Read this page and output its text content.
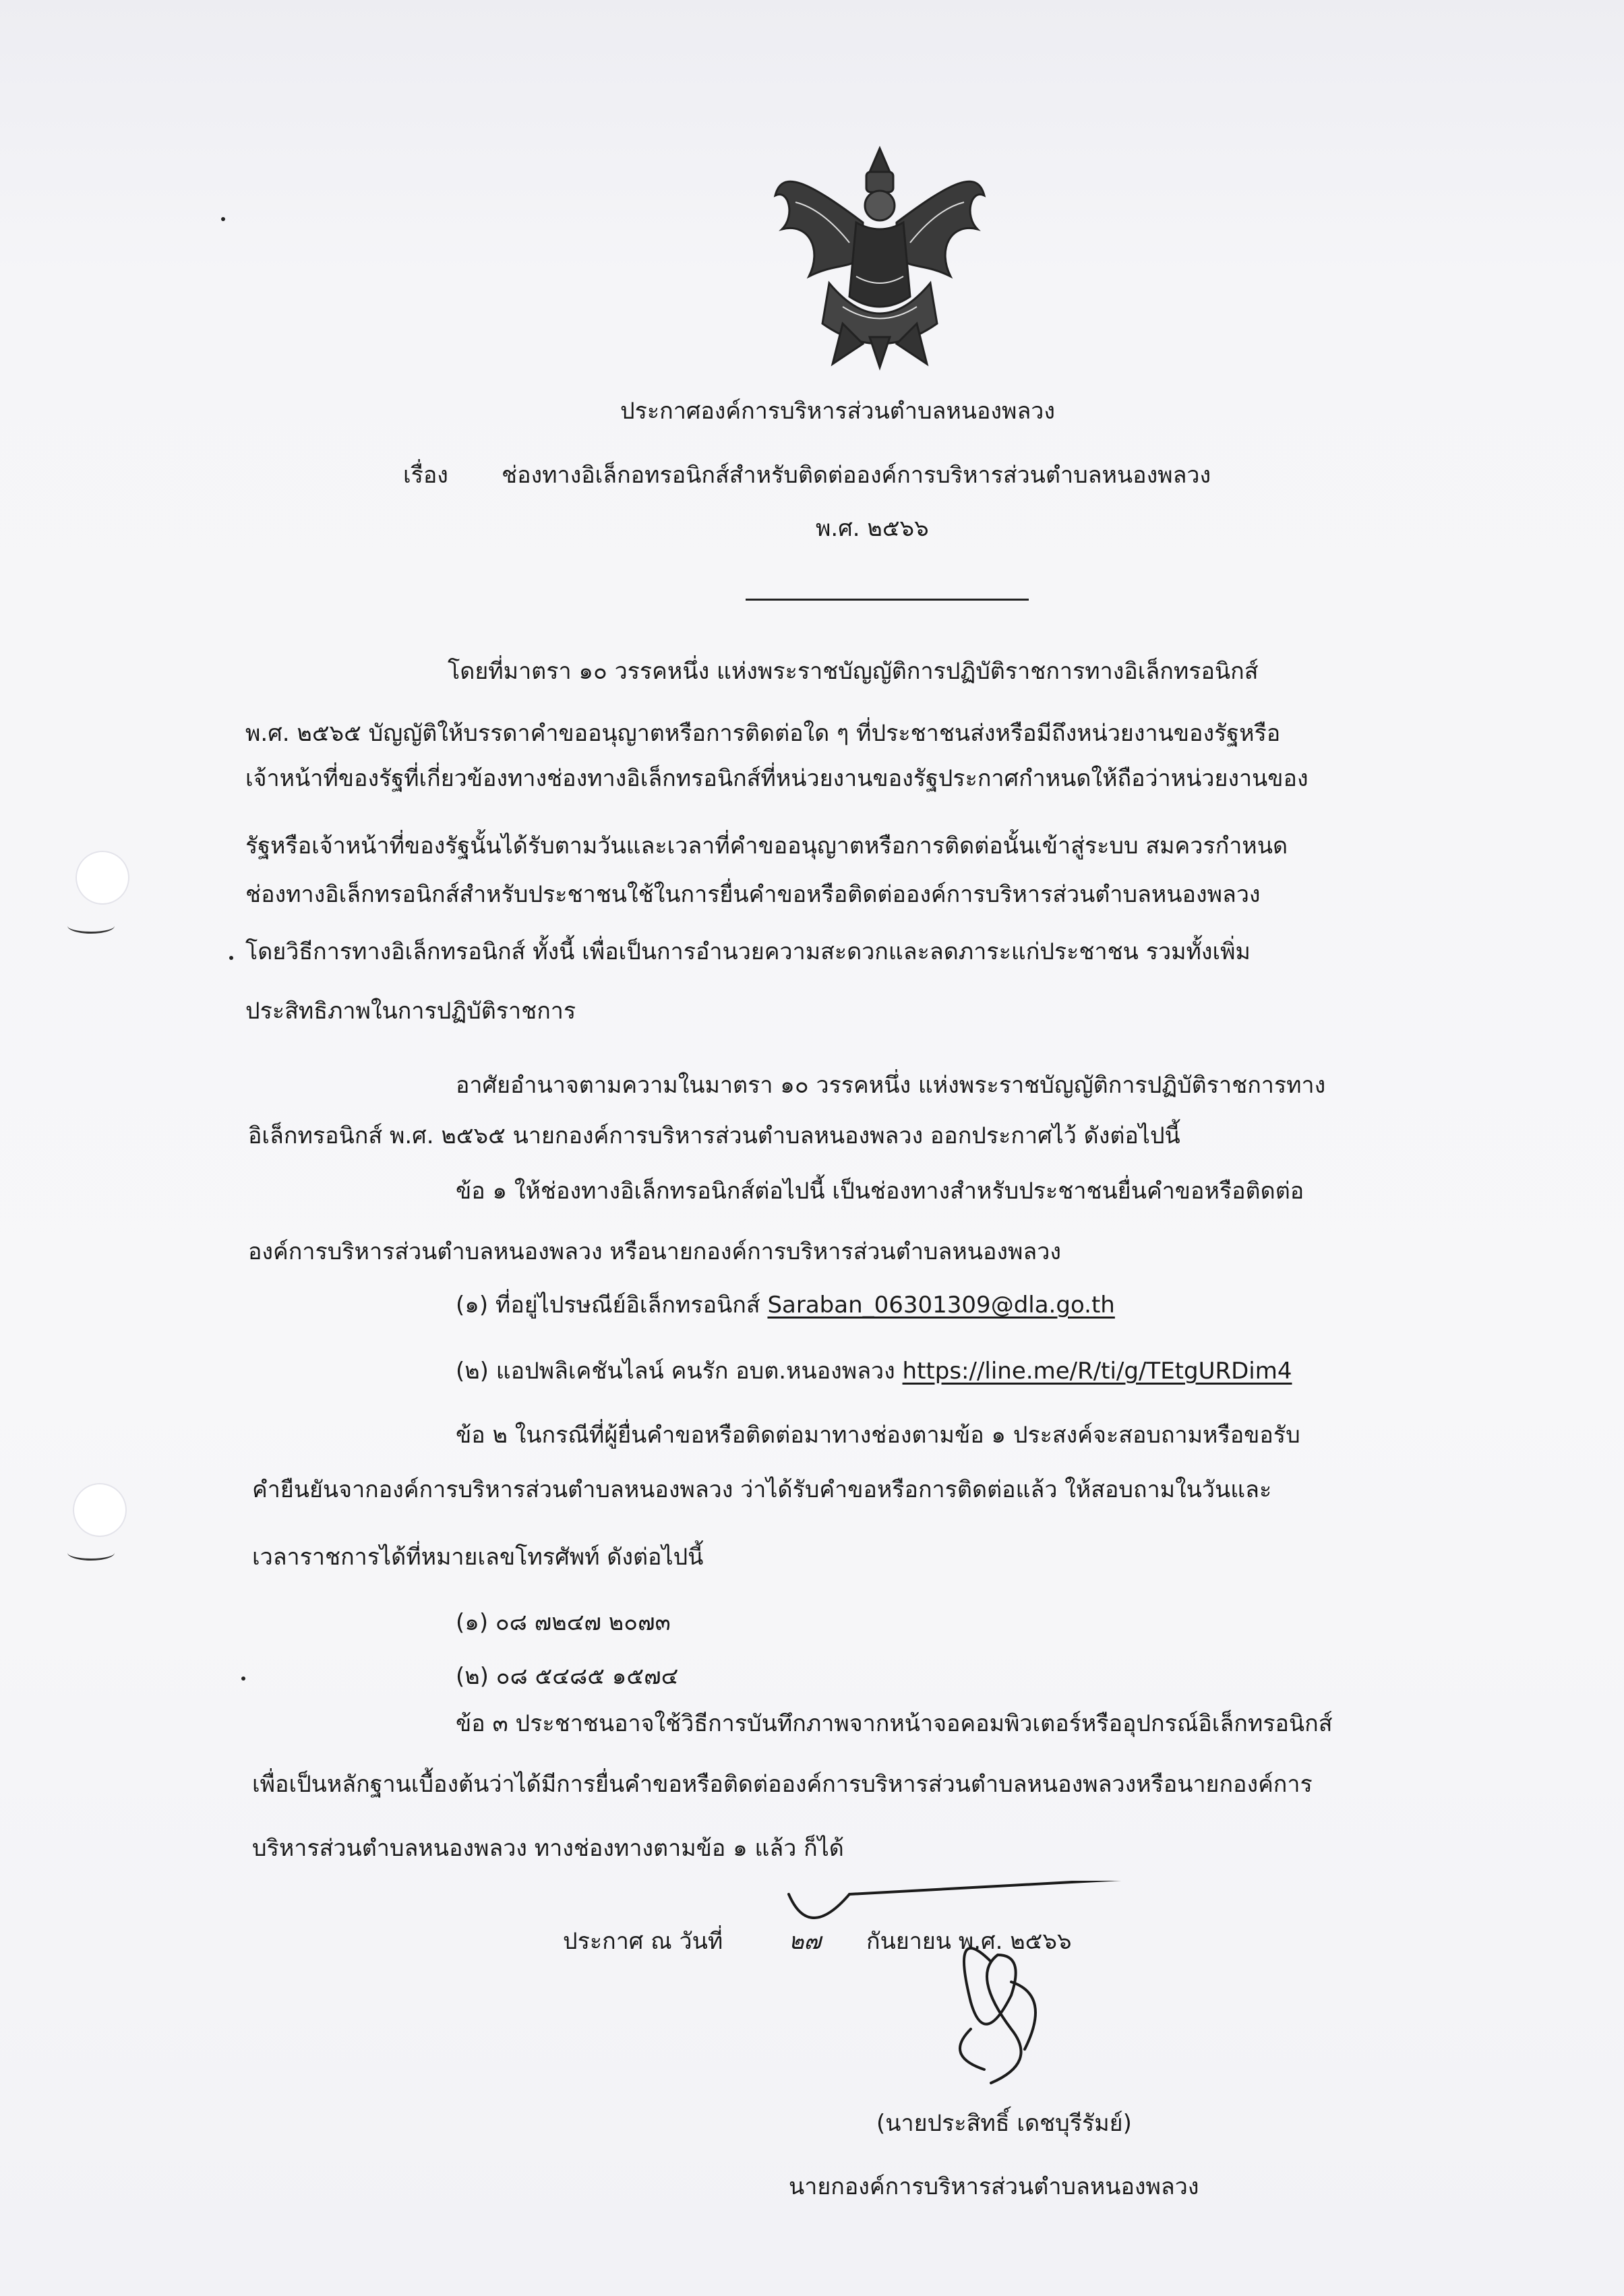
ประกาศองค์การบริหารส่วนตำบลหนองพลวง
เรื่อง ช่องทางอิเล็กอทรอนิกส์สำหรับติดต่อองค์การบริหารส่วนตำบลหนองพลวง
พ.ศ. ๒๕๖๖
โดยที่มาตรา ๑๐ วรรคหนึ่ง แห่งพระราชบัญญัติการปฏิบัติราชการทางอิเล็กทรอนิกส์
พ.ศ. ๒๕๖๕ บัญญัติให้บรรดาคำขออนุญาตหรือการติดต่อใด ๆ ที่ประชาชนส่งหรือมีถึงหน่วยงานของรัฐหรือ
เจ้าหน้าที่ของรัฐที่เกี่ยวข้องทางช่องทางอิเล็กทรอนิกส์ที่หน่วยงานของรัฐประกาศกำหนดให้ถือว่าหน่วยงานของ
รัฐหรือเจ้าหน้าที่ของรัฐนั้นได้รับตามวันและเวลาที่คำขออนุญาตหรือการติดต่อนั้นเข้าสู่ระบบ สมควรกำหนด
ช่องทางอิเล็กทรอนิกส์สำหรับประชาชนใช้ในการยื่นคำขอหรือติดต่อองค์การบริหารส่วนตำบลหนองพลวง
โดยวิธีการทางอิเล็กทรอนิกส์ ทั้งนี้ เพื่อเป็นการอำนวยความสะดวกและลดภาระแก่ประชาชน รวมทั้งเพิ่ม
ประสิทธิภาพในการปฏิบัติราชการ
อาศัยอำนาจตามความในมาตรา ๑๐ วรรคหนึ่ง แห่งพระราชบัญญัติการปฏิบัติราชการทาง
อิเล็กทรอนิกส์ พ.ศ. ๒๕๖๕ นายกองค์การบริหารส่วนตำบลหนองพลวง ออกประกาศไว้ ดังต่อไปนี้
ข้อ ๑ ให้ช่องทางอิเล็กทรอนิกส์ต่อไปนี้ เป็นช่องทางสำหรับประชาชนยื่นคำขอหรือติดต่อ
องค์การบริหารส่วนตำบลหนองพลวง หรือนายกองค์การบริหารส่วนตำบลหนองพลวง
(๑) ที่อยู่ไปรษณีย์อิเล็กทรอนิกส์ Saraban_06301309@dla.go.th
(๒) แอปพลิเคชันไลน์ คนรัก อบต.หนองพลวง https://line.me/R/ti/g/TEtgURDim4
ข้อ ๒ ในกรณีที่ผู้ยื่นคำขอหรือติดต่อมาทางช่องตามข้อ ๑ ประสงค์จะสอบถามหรือขอรับ
คำยืนยันจากองค์การบริหารส่วนตำบลหนองพลวง ว่าได้รับคำขอหรือการติดต่อแล้ว ให้สอบถามในวันและ
เวลาราชการได้ที่หมายเลขโทรศัพท์ ดังต่อไปนี้
(๑) ๐๘ ๗๒๔๗ ๒๐๗๓
(๒) ๐๘ ๕๔๘๕ ๑๕๗๔
ข้อ ๓ ประชาชนอาจใช้วิธีการบันทึกภาพจากหน้าจอคอมพิวเตอร์หรืออุปกรณ์อิเล็กทรอนิกส์
เพื่อเป็นหลักฐานเบื้องต้นว่าได้มีการยื่นคำขอหรือติดต่อองค์การบริหารส่วนตำบลหนองพลวงหรือนายกองค์การ
บริหารส่วนตำบลหนองพลวง ทางช่องทางตามข้อ ๑ แล้ว ก็ได้
ประกาศ ณ วันที่	๒๗ กันยายน พ.ศ. ๒๕๖๖
(นายประสิทธิ์ เดชบุรีรัมย์)
นายกองค์การบริหารส่วนตำบลหนองพลวง
